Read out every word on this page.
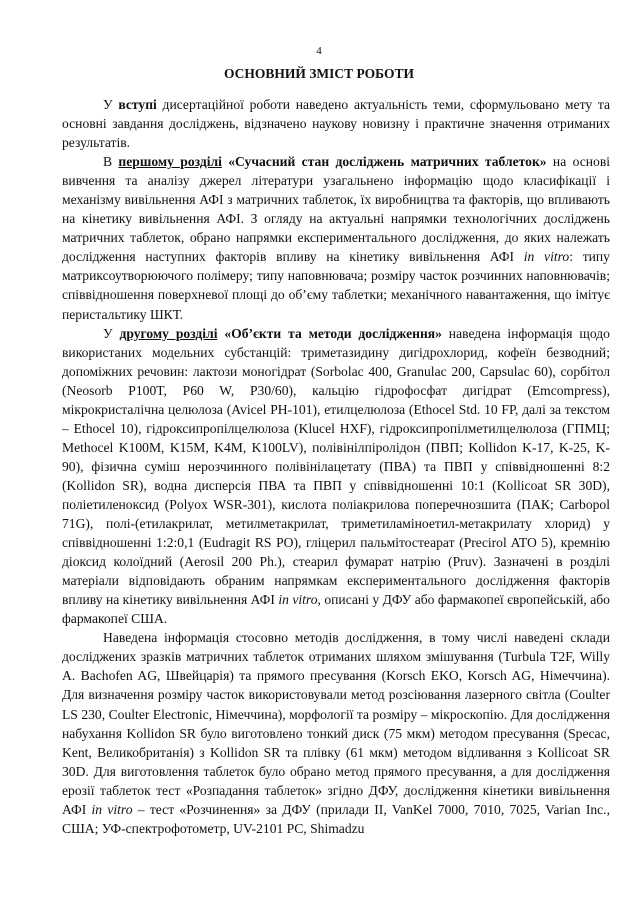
4
ОСНОВНИЙ ЗМІСТ РОБОТИ

У вступі дисертаційної роботи наведено актуальність теми, сформульовано мету та основні завдання досліджень, відзначено наукову новизну і практичне значення отриманих результатів.

В першому розділі «Сучасний стан досліджень матричних таблеток» на основі вивчення та аналізу джерел літератури узагальнено інформацію щодо класифікації і механізму вивільнення АФІ з матричних таблеток, їх виробництва та факторів, що впливають на кінетику вивільнення АФІ. З огляду на актуальні напрямки технологічних досліджень матричних таблеток, обрано напрямки експериментального дослідження, до яких належать дослідження наступних факторів впливу на кінетику вивільнення АФІ in vitro: типу матриксоутворюючого полімеру; типу наповнювача; розміру часток розчинних наповнювачів; співвідношення поверхневої площі до об’єму таблетки; механічного навантаження, що імітує перистальтику ШКТ.

У другому розділі «Об’єкти та методи дослідження» наведена інформація щодо використаних модельних субстанцій: триметазидину дигідрохлорид, кофеїн безводний; допоміжних речовин: лактози моногідрат (Sorbolac 400, Granulac 200, Capsulac 60), сорбітол (Neosorb P100T, P60 W, P30/60), кальцію гідрофосфат дигідрат (Emcompress), мікрокристалічна целюлоза (Avicel PH-101), етилцелюлоза (Ethocel Std. 10 FP, далі за текстом – Ethocel 10), гідроксипропілцелюлоза (Klucel HXF), гідроксипропілметилцелюлоза (ГПМЦ; Methocel K100M, K15M, K4M, K100LV), полівінілпіролідон (ПВП; Kollidon K-17, K-25, K-90), фізична суміш нерозчинного полівінілацетату (ПВА) та ПВП у співвідношенні 8:2 (Kollidon SR), водна дисперсія ПВА та ПВП у співвідношенні 10:1 (Kollicoat SR 30D), поліетиленоксид (Polyox WSR-301), кислота поліакрилова поперечнозшита (ПАК; Carbopol 71G), полі-(етилакрилат, метилметакрилат, триметиламіноетил-метакрилату хлорид) у співвідношенні 1:2:0,1 (Eudragit RS PO), гліцерил пальмітостеарат (Precirol ATO 5), кремнію діоксид колоїдний (Aerosil 200 Ph.), стеарил фумарат натрію (Pruv). Зазначені в розділі матеріали відповідають обраним напрямкам експериментального дослідження факторів впливу на кінетику вивільнення АФІ in vitro, описані у ДФУ або фармакопеї європейській, або фармакопеї США.

Наведена інформація стосовно методів дослідження, в тому числі наведені склади досліджених зразків матричних таблеток отриманих шляхом змішування (Turbula T2F, Willy A. Bachofen AG, Швейцарія) та прямого пресування (Korsch EKO, Korsch AG, Німеччина). Для визначення розміру часток використовували метод розсіювання лазерного світла (Coulter LS 230, Coulter Electronic, Німеччина), морфології та розміру – мікроскопію. Для дослідження набухання Kollidon SR було виготовлено тонкий диск (75 мкм) методом пресування (Specac, Kent, Великобританія) з Kollidon SR та плівку (61 мкм) методом відливання з Kollicoat SR 30D. Для виготовлення таблеток було обрано метод прямого пресування, а для дослідження ерозії таблеток тест «Розпадання таблеток» згідно ДФУ, дослідження кінетики вивільнення АФІ in vitro – тест «Розчинення» за ДФУ (прилади II, VanKel 7000, 7010, 7025, Varian Inc., США; УФ-спектрофотометр, UV-2101 PC, Shimadzu
